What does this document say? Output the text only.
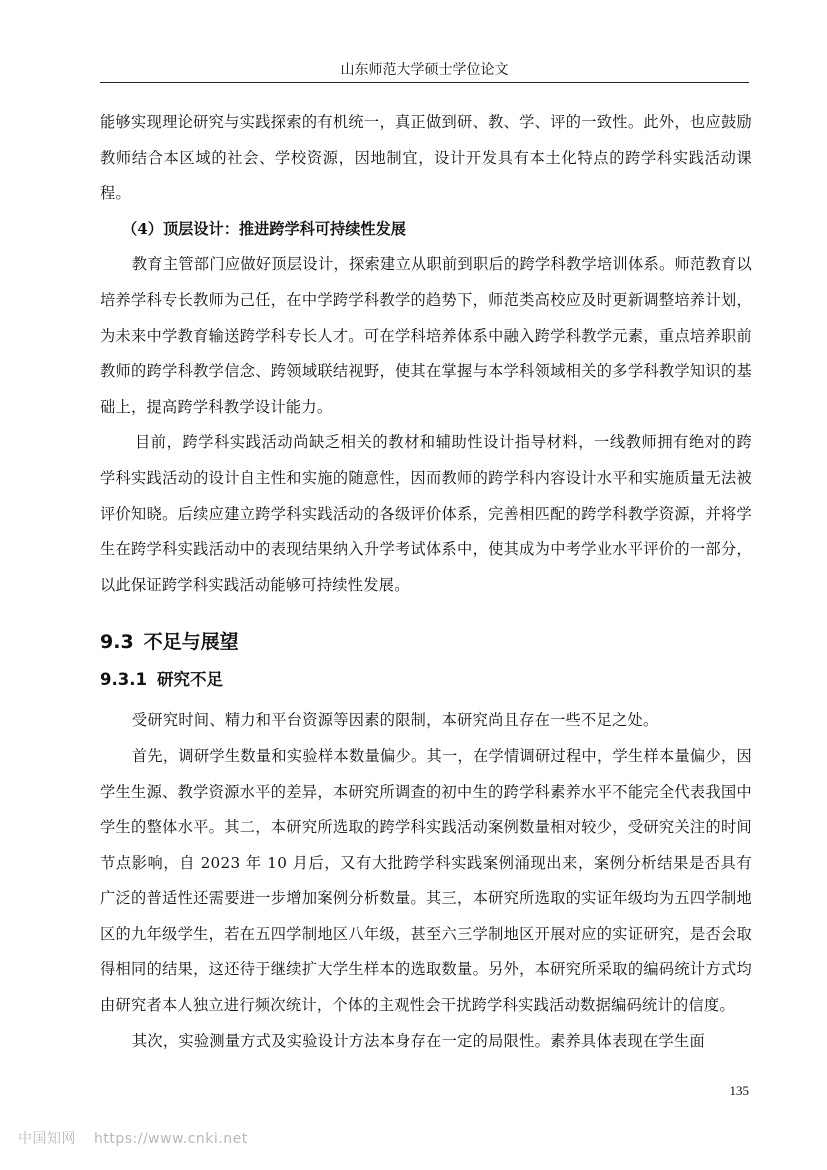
山东师范大学硕士学位论文

能够实现理论研究与实践探索的有机统一，真正做到研、教、学、评的一致性。此外，也应鼓励教师结合本区域的社会、学校资源，因地制宜，设计开发具有本土化特点的跨学科实践活动课程。

（4）顶层设计：推进跨学科可持续性发展

教育主管部门应做好顶层设计，探索建立从职前到职后的跨学科教学培训体系。师范教育以培养学科专长教师为己任，在中学跨学科教学的趋势下，师范类高校应及时更新调整培养计划，为未来中学教育输送跨学科专长人才。可在学科培养体系中融入跨学科教学元素，重点培养职前教师的跨学科教学信念、跨领域联结视野，使其在掌握与本学科领域相关的多学科教学知识的基础上，提高跨学科教学设计能力。

目前，跨学科实践活动尚缺乏相关的教材和辅助性设计指导材料，一线教师拥有绝对的跨学科实践活动的设计自主性和实施的随意性，因而教师的跨学科内容设计水平和实施质量无法被评价知晓。后续应建立跨学科实践活动的各级评价体系，完善相匹配的跨学科教学资源，并将学生在跨学科实践活动中的表现结果纳入升学考试体系中，使其成为中考学业水平评价的一部分，以此保证跨学科实践活动能够可持续性发展。

9.3 不足与展望
9.3.1 研究不足

受研究时间、精力和平台资源等因素的限制，本研究尚且存在一些不足之处。

首先，调研学生数量和实验样本数量偏少。其一，在学情调研过程中，学生样本量偏少，因学生生源、教学资源水平的差异，本研究所调查的初中生的跨学科素养水平不能完全代表我国中学生的整体水平。其二，本研究所选取的跨学科实践活动案例数量相对较少，受研究关注的时间节点影响，自 2023 年 10 月后，又有大批跨学科实践案例涌现出来，案例分析结果是否具有广泛的普适性还需要进一步增加案例分析数量。其三，本研究所选取的实证年级均为五四学制地区的九年级学生，若在五四学制地区八年级，甚至六三学制地区开展对应的实证研究，是否会取得相同的结果，这还待于继续扩大学生样本的选取数量。另外，本研究所采取的编码统计方式均由研究者本人独立进行频次统计，个体的主观性会干扰跨学科实践活动数据编码统计的信度。

其次，实验测量方式及实验设计方法本身存在一定的局限性。素养具体表现在学生面

135
中国知网 https://www.cnki.net
